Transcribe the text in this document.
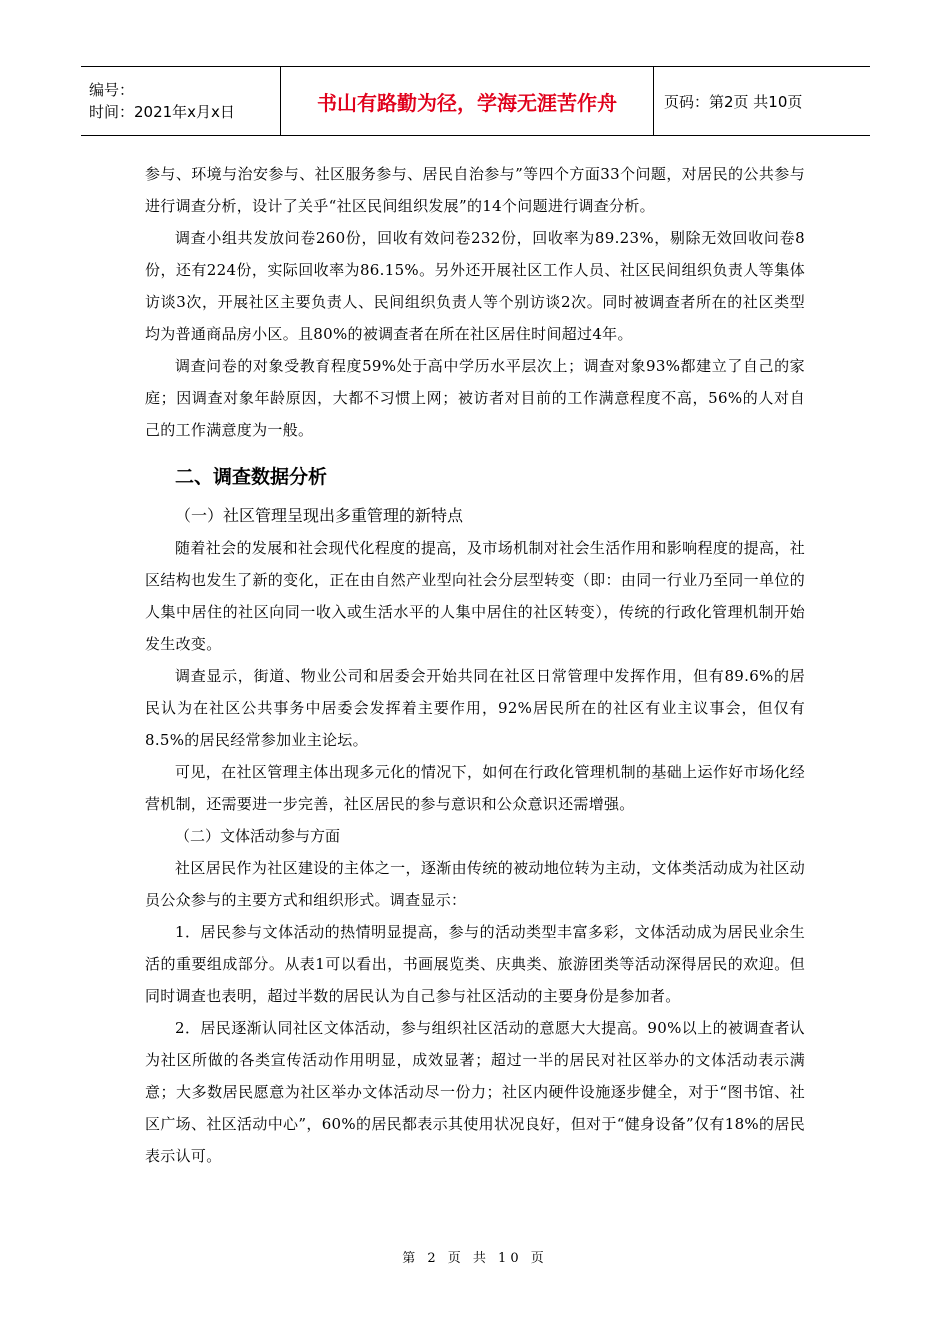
编号：
时间：2021年x月x日	书山有路勤为径，学海无涯苦作舟	页码：第2页 共10页

参与、环境与治安参与、社区服务参与、居民自治参与”等四个方面33个问题，对居民的公共参与进行调查分析，设计了关乎“社区民间组织发展”的14个问题进行调查分析。

调查小组共发放问卷260份，回收有效问卷232份，回收率为89.23%，剔除无效回收问卷8份，还有224份，实际回收率为86.15%。另外还开展社区工作人员、社区民间组织负责人等集体访谈3次，开展社区主要负责人、民间组织负责人等个别访谈2次。同时被调查者所在的社区类型均为普通商品房小区。且80%的被调查者在所在社区居住时间超过4年。

调查问卷的对象受教育程度59%处于高中学历水平层次上；调查对象93%都建立了自己的家庭；因调查对象年龄原因，大都不习惯上网；被访者对目前的工作满意程度不高，56%的人对自己的工作满意度为一般。

二、调查数据分析
（一）社区管理呈现出多重管理的新特点

随着社会的发展和社会现代化程度的提高，及市场机制对社会生活作用和影响程度的提高，社区结构也发生了新的变化，正在由自然产业型向社会分层型转变（即：由同一行业乃至同一单位的人集中居住的社区向同一收入或生活水平的人集中居住的社区转变），传统的行政化管理机制开始发生改变。

调查显示，街道、物业公司和居委会开始共同在社区日常管理中发挥作用，但有89.6%的居民认为在社区公共事务中居委会发挥着主要作用，92%居民所在的社区有业主议事会，但仅有8.5%的居民经常参加业主论坛。

可见，在社区管理主体出现多元化的情况下，如何在行政化管理机制的基础上运作好市场化经营机制，还需要进一步完善，社区居民的参与意识和公众意识还需增强。

（二）文体活动参与方面

社区居民作为社区建设的主体之一，逐渐由传统的被动地位转为主动，文体类活动成为社区动员公众参与的主要方式和组织形式。调查显示：

1．居民参与文体活动的热情明显提高，参与的活动类型丰富多彩，文体活动成为居民业余生活的重要组成部分。从表1可以看出，书画展览类、庆典类、旅游团类等活动深得居民的欢迎。但同时调查也表明，超过半数的居民认为自己参与社区活动的主要身份是参加者。

2．居民逐渐认同社区文体活动，参与组织社区活动的意愿大大提高。90%以上的被调查者认为社区所做的各类宣传活动作用明显，成效显著；超过一半的居民对社区举办的文体活动表示满意；大多数居民愿意为社区举办文体活动尽一份力；社区内硬件设施逐步健全，对于“图书馆、社区广场、社区活动中心”，60%的居民都表示其使用状况良好，但对于“健身设备”仅有18%的居民表示认可。

第 2 页 共 10 页
